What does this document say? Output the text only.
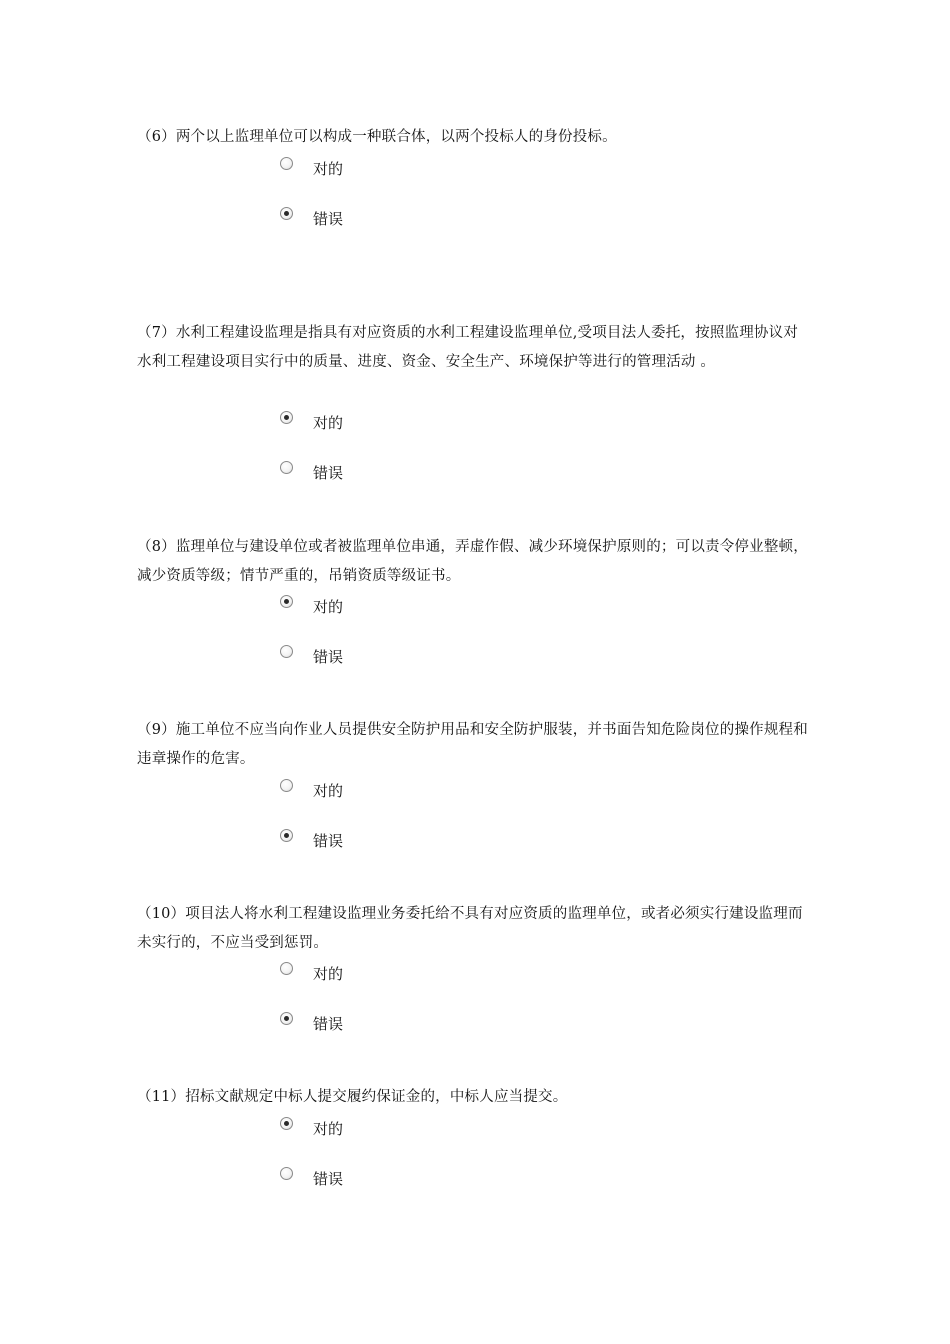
（6）两个以上监理单位可以构成一种联合体，以两个投标人的身份投标。

对的
错误

（7）水利工程建设监理是指具有对应资质的水利工程建设监理单位,受项目法人委托，按照监理协议对水利工程建设项目实行中的质量、进度、资金、安全生产、环境保护等进行的管理活动 。

对的
错误

（8）监理单位与建设单位或者被监理单位串通，弄虚作假、减少环境保护原则的；可以责令停业整顿，减少资质等级；情节严重的，吊销资质等级证书。

对的
错误

（9）施工单位不应当向作业人员提供安全防护用品和安全防护服装，并书面告知危险岗位的操作规程和违章操作的危害。

对的
错误

（10）项目法人将水利工程建设监理业务委托给不具有对应资质的监理单位，或者必须实行建设监理而未实行的，不应当受到惩罚。

对的
错误

（11）招标文献规定中标人提交履约保证金的，中标人应当提交。

对的
错误
